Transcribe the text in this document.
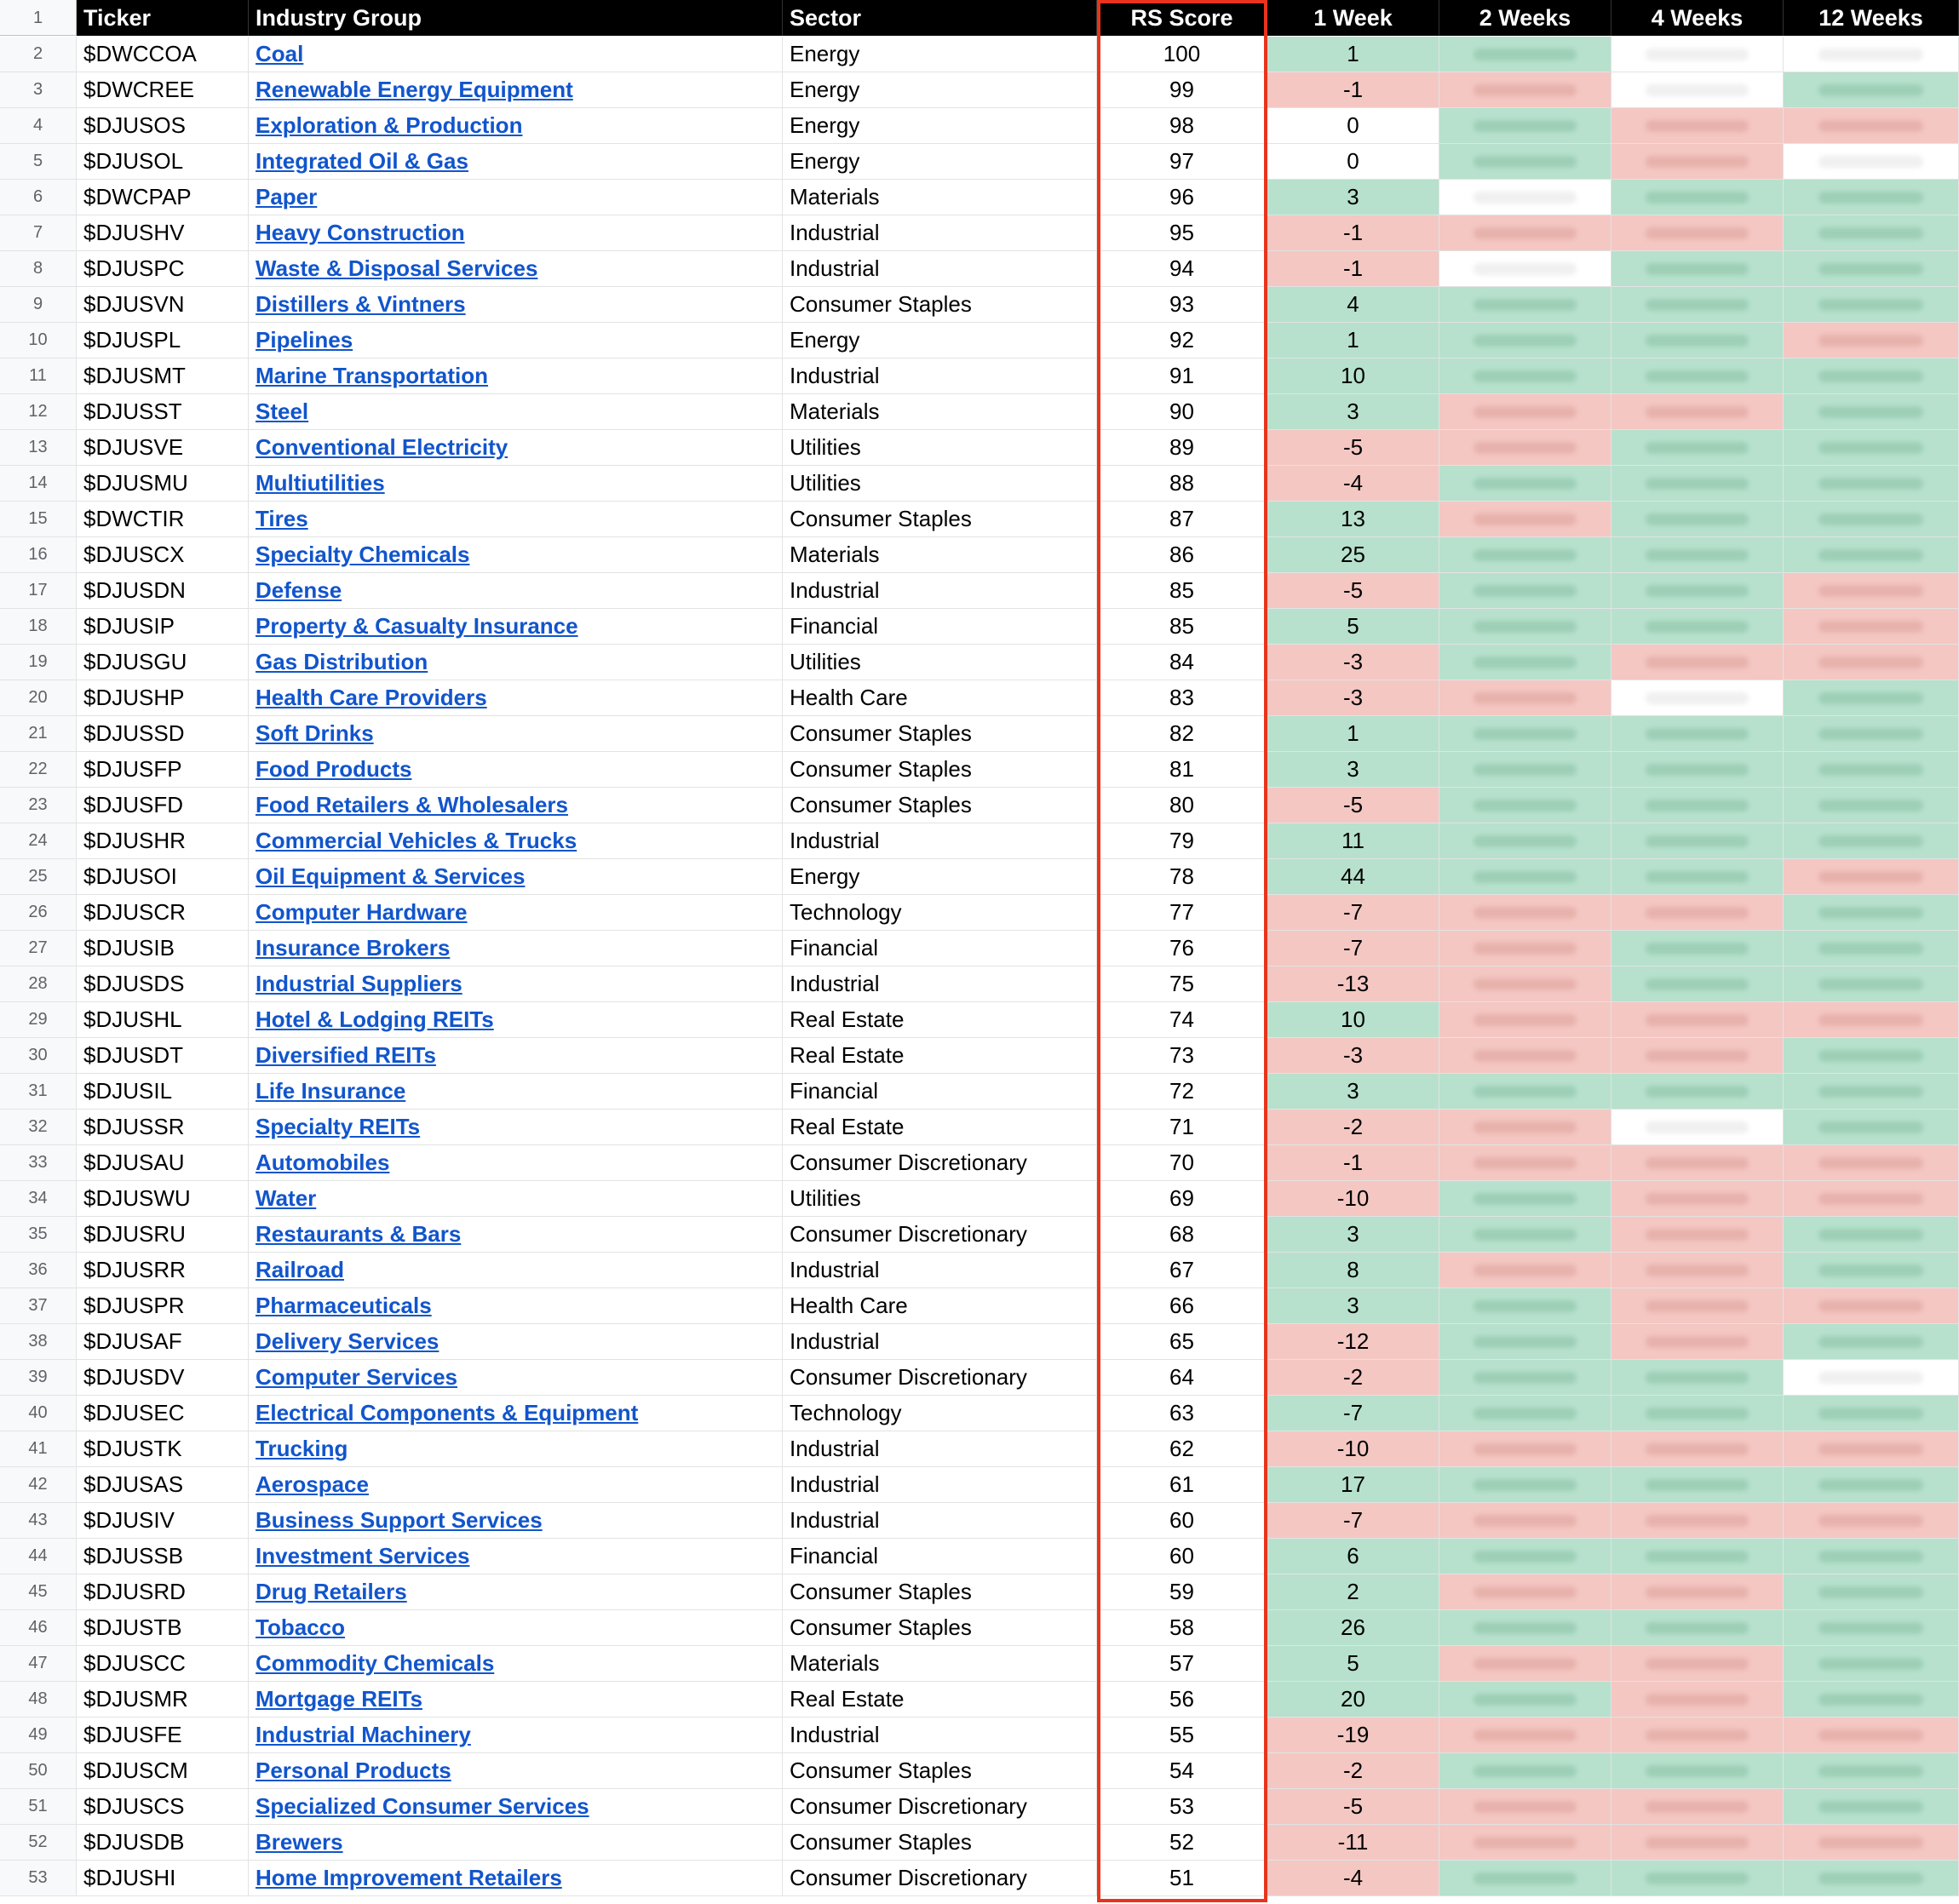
1	Ticker	Industry Group	Sector	RS Score	1 Week	2 Weeks	4 Weeks	12 Weeks
2	$DWCCOA	Coal	Energy	100	1
3	$DWCREE	Renewable Energy Equipment	Energy	99	-1
4	$DJUSOS	Exploration & Production	Energy	98	0
5	$DJUSOL	Integrated Oil & Gas	Energy	97	0
6	$DWCPAP	Paper	Materials	96	3
7	$DJUSHV	Heavy Construction	Industrial	95	-1
8	$DJUSPC	Waste & Disposal Services	Industrial	94	-1
9	$DJUSVN	Distillers & Vintners	Consumer Staples	93	4
10	$DJUSPL	Pipelines	Energy	92	1
11	$DJUSMT	Marine Transportation	Industrial	91	10
12	$DJUSST	Steel	Materials	90	3
13	$DJUSVE	Conventional Electricity	Utilities	89	-5
14	$DJUSMU	Multiutilities	Utilities	88	-4
15	$DWCTIR	Tires	Consumer Staples	87	13
16	$DJUSCX	Specialty Chemicals	Materials	86	25
17	$DJUSDN	Defense	Industrial	85	-5
18	$DJUSIP	Property & Casualty Insurance	Financial	85	5
19	$DJUSGU	Gas Distribution	Utilities	84	-3
20	$DJUSHP	Health Care Providers	Health Care	83	-3
21	$DJUSSD	Soft Drinks	Consumer Staples	82	1
22	$DJUSFP	Food Products	Consumer Staples	81	3
23	$DJUSFD	Food Retailers & Wholesalers	Consumer Staples	80	-5
24	$DJUSHR	Commercial Vehicles & Trucks	Industrial	79	11
25	$DJUSOI	Oil Equipment & Services	Energy	78	44
26	$DJUSCR	Computer Hardware	Technology	77	-7
27	$DJUSIB	Insurance Brokers	Financial	76	-7
28	$DJUSDS	Industrial Suppliers	Industrial	75	-13
29	$DJUSHL	Hotel & Lodging REITs	Real Estate	74	10
30	$DJUSDT	Diversified REITs	Real Estate	73	-3
31	$DJUSIL	Life Insurance	Financial	72	3
32	$DJUSSR	Specialty REITs	Real Estate	71	-2
33	$DJUSAU	Automobiles	Consumer Discretionary	70	-1
34	$DJUSWU	Water	Utilities	69	-10
35	$DJUSRU	Restaurants & Bars	Consumer Discretionary	68	3
36	$DJUSRR	Railroad	Industrial	67	8
37	$DJUSPR	Pharmaceuticals	Health Care	66	3
38	$DJUSAF	Delivery Services	Industrial	65	-12
39	$DJUSDV	Computer Services	Consumer Discretionary	64	-2
40	$DJUSEC	Electrical Components & Equipment	Technology	63	-7
41	$DJUSTK	Trucking	Industrial	62	-10
42	$DJUSAS	Aerospace	Industrial	61	17
43	$DJUSIV	Business Support Services	Industrial	60	-7
44	$DJUSSB	Investment Services	Financial	60	6
45	$DJUSRD	Drug Retailers	Consumer Staples	59	2
46	$DJUSTB	Tobacco	Consumer Staples	58	26
47	$DJUSCC	Commodity Chemicals	Materials	57	5
48	$DJUSMR	Mortgage REITs	Real Estate	56	20
49	$DJUSFE	Industrial Machinery	Industrial	55	-19
50	$DJUSCM	Personal Products	Consumer Staples	54	-2
51	$DJUSCS	Specialized Consumer Services	Consumer Discretionary	53	-5
52	$DJUSDB	Brewers	Consumer Staples	52	-11
53	$DJUSHI	Home Improvement Retailers	Consumer Discretionary	51	-4
